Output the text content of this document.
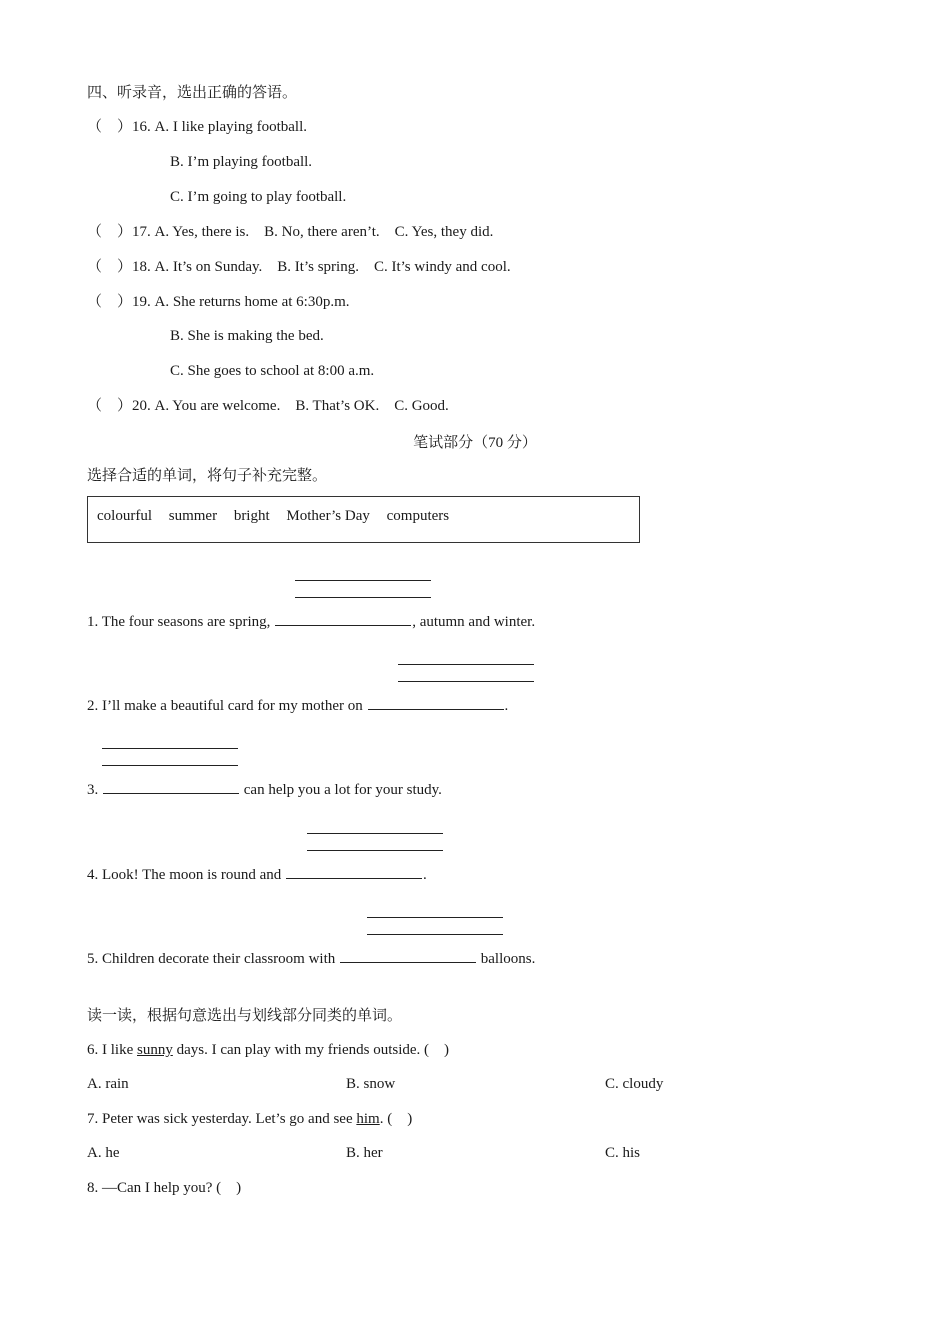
四、听录音，选出正确的答语。
（　）16. A. I like playing football.
B. I’m playing football.
C. I’m going to play football.
（　）17. A. Yes, there is.    B. No, there aren’t.    C. Yes, they did.
（　）18. A. It’s on Sunday.    B. It’s spring.    C. It’s windy and cool.
（　）19. A. She returns home at 6:30p.m.
B. She is making the bed.
C. She goes to school at 8:00 a.m.
（　）20. A. You are welcome.    B. That’s OK.    C. Good.
笔试部分（70 分）
选择合适的单词，将句子补充完整。
colourful summer bright Mother’s Day computers
1. The four seasons are spring,	, autumn and winter.
2. I’ll make a beautiful card for my mother on	.
3.	can help you a lot for your study.
4. Look! The moon is round and	.
5. Children decorate their classroom with	balloons.
读一读，根据句意选出与划线部分同类的单词。
6. I like sunny days. I can play with my friends outside. (　)
A. rain	B. snow	C. cloudy
7. Peter was sick yesterday. Let’s go and see him. (　)
A. he	B. her	C. his
8. —Can I help you? (　)
